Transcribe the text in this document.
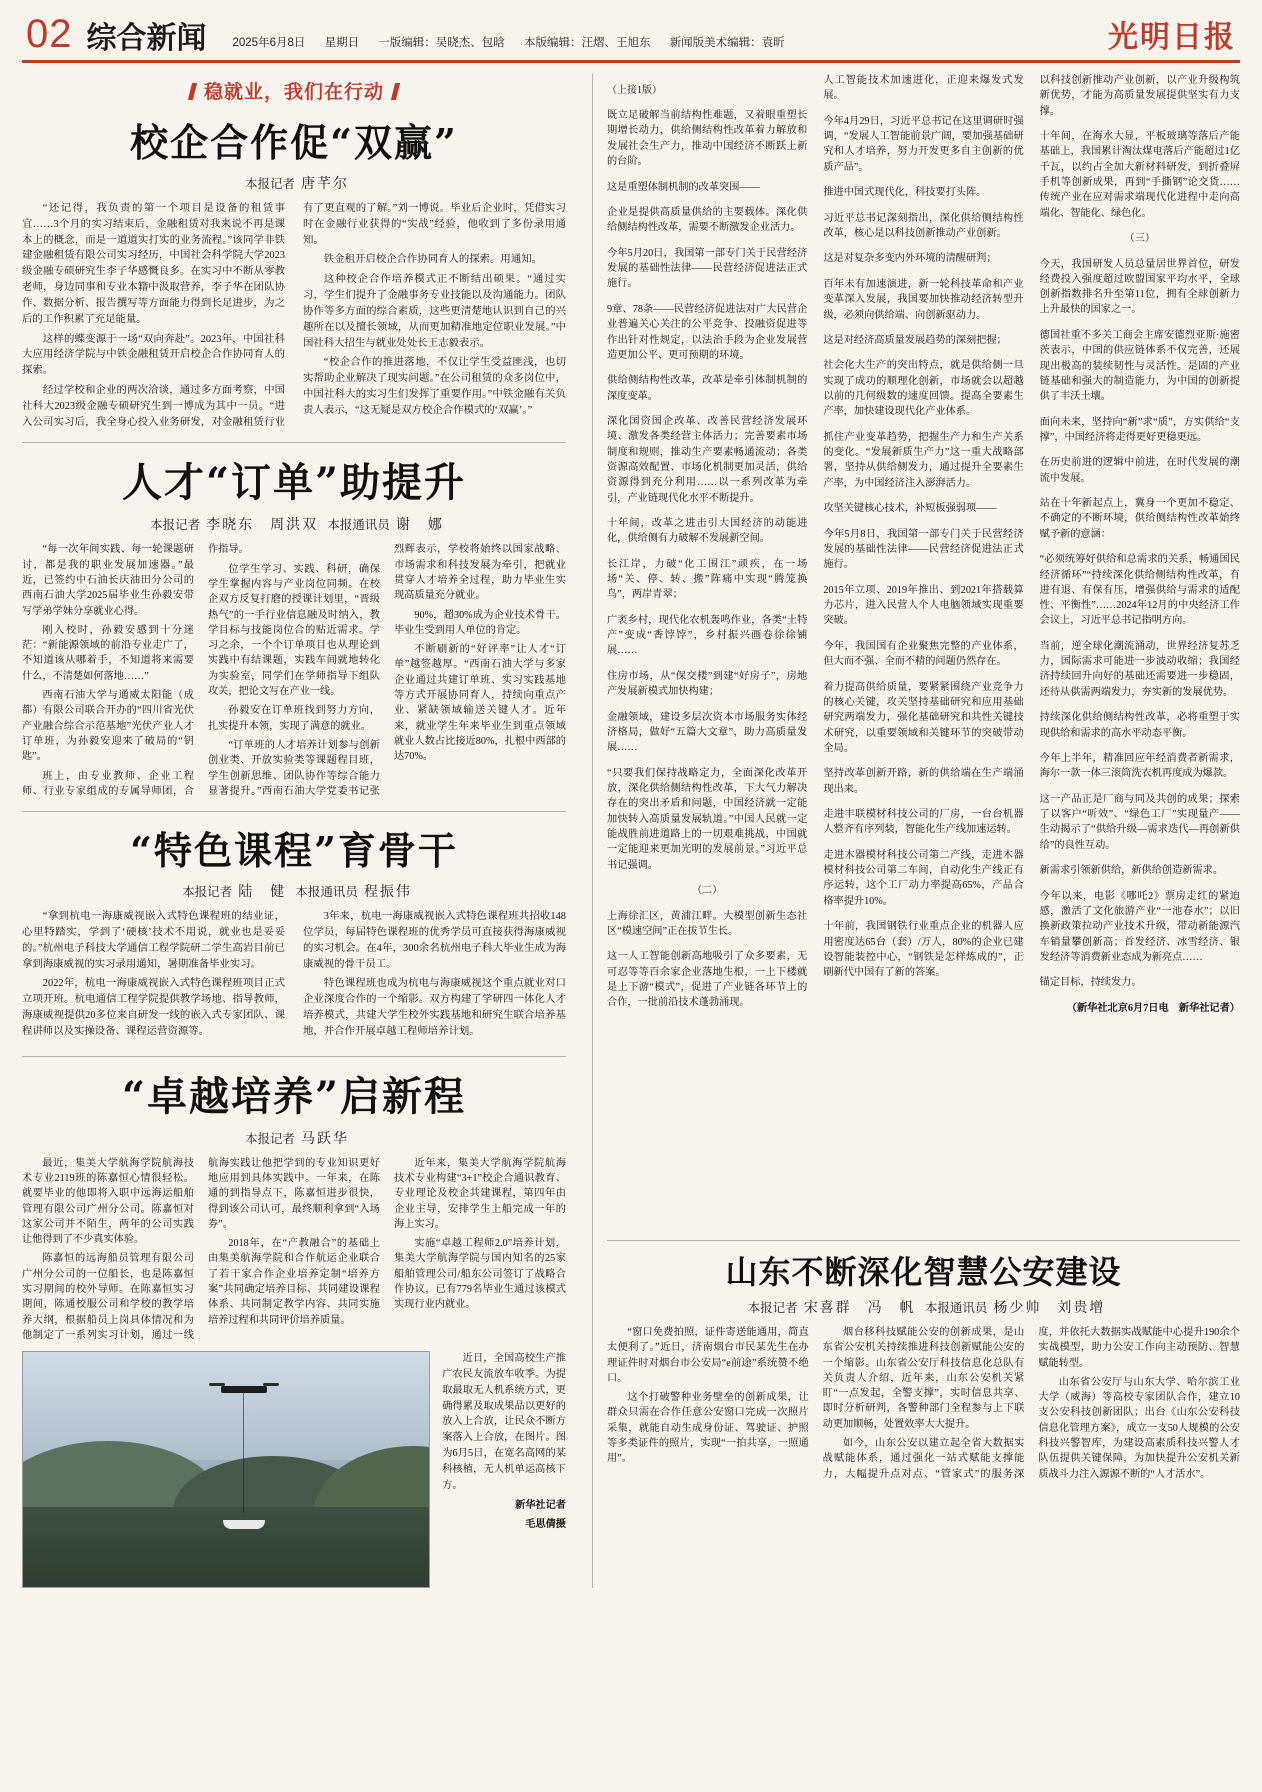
02 综合新闻 2025年6月8日 星期日 一版编辑：吴晓杰、包晗 本版编辑：汪熠、王旭东 新闻版美术编辑：袁昕	光明日报
稳就业，我们在行动
校企合作促“双赢”
本报记者 唐芊尔

“还记得，我负责的第一个项目是设备的租赁事宜……3个月的实习结束后，金融租赁对我来说不再是课本上的概念，而是一道道实打实的业务流程。”该同学非铁建金融租赁有限公司实习经历，中国社会科学院大学2023级金融专硕研究生李子华感慨良多。在实习中不断从零教老师，身边同事和专业本籍中汲取营养，李子华在团队协作、数据分析、报告撰写等方面能力得到长足进步，为之后的工作积累了充足能量。

这样的蝶变源于一场“双向奔赴”。2023年，中国社科大应用经济学院与中铁金融租赁开启校企合作协同育人的探索。

经过学校和企业的两次洽谈，通过多方面考察，中国社科大2023级金融专硕研究生到一博成为其中一员。“进入公司实习后，我全身心投入业务研发，对金融租赁行业有了更直观的了解。”刘一博说。毕业后企业时，凭借实习时在金融行业获得的“实战”经验，他收到了多份录用通知。

铁金租开启校企合作协同育人的探索。用通知。

这种校企合作培养模式正不断结出硕果。“通过实习，学生们提升了金融事务专业技能以及沟通能力。团队协作等多方面的综合素质，这些更清楚地认识到自己的兴趣所在以及擅长领域，从而更加精准地定位职业发展。”中国社科大招生与就业处处长王志毅表示。

“校企合作的推进落地，不仅让学生受益匪浅，也切实帮助企业解决了现实问题。”在公司租赁的众多岗位中，中国社科大的实习生们发挥了重要作用。”中铁金融有关负责人表示，“这无疑是双方校企合作模式的‘双赢’。”

人才“订单”助提升
本报记者 李晓东　周洪双 本报通讯员 谢　娜

“每一次年间实践、每一轮课题研讨，都是我的职业发展加速器。”最近，已签约中石油长庆油田分公司的西南石油大学2025届毕业生孙毅安带写学弟学妹分享就业心得。

刚入校时，孙毅安感到十分迷茫：“新能源领域的前沿专业走广了，不知道该从哪着手，不知道将来需要什么，不清楚如何落地……”

西南石油大学与通威太阳能（成都）有限公司联合开办的“四川省光伏产业融合综合示范基地”光伏产业人才订单班，为孙毅安迎来了破局的“钥匙”。

班上，由专业教师、企业工程师、行业专家组成的专属导师团，合作指导。

位学生学习、实践、科研，确保学生掌握内容与产业岗位同频。在校企双方反复打磨的授课计划里，“晋级热气”的一手行业信息融及时纳入，教学目标与技能岗位合的贴近需求。学习之余，一个个订单项目也从理论到实践中有结课题，实践车间就地转化为实验室，同学们在学师指导下组队攻关，把论文写在产业一线。

孙毅安在订单班找到努力方向，扎实提升本领，实现了满意的就业。

“订单班的人才培养计划参与创新创业类、开放实验类等课题程目班，学生创新思维、团队协作等综合能力显著提升。”西南石油大学党委书记张烈辉表示，学校将始终以国家战略、市场需求和科技发展为牵引，把就业贯穿人才培养全过程，助力毕业生实现高质量充分就业。

90%，超30%成为企业技术骨干。毕业生受到用人单位的肯定。

不断刷新的“好评率”让人才“订单”越签越厚。“西南石油大学与多家企业通过共建订单班、实习实践基地等方式开展协同育人，持续向重点产业、紧缺领域输送关键人才。近年来，就业学生年来毕业生到重点领域就业人数占比接近80%，扎根中西部的达70%。

“特色课程”育骨干
本报记者 陆　健 本报通讯员 程振伟

“拿到杭电一海康威视嵌入式特色课程班的结业证，心里特踏实，学到了‘硬核’技术不用说，就业也是妥妥的。”杭州电子科技大学通信工程学院研二学生高岩目前已拿到海康威视的实习录用通知，暑期准备毕业实习。

2022年，杭电一海康威视嵌入式特色课程班项目正式立项开班。杭电通信工程学院提供教学场地、指导教师，海康威视提供20多位来自研发一线的嵌入式专家团队、课程讲师以及实操设备、课程运营资源等。

3年来，杭电一海康威视嵌入式特色课程班共招收148位学员，每届特色课程班的优秀学员可直接获得海康威视的实习机会。在4年，300余名杭州电子科大毕业生成为海康威视的骨干员工。

特色课程班也成为杭电与海康威视这个重点就业对口企业深度合作的一个缩影。双方构建了学研四一体化人才培养模式，共建大学生校外实践基地和研究生联合培养基地，并合作开展卓越工程师培养计划。

“卓越培养”启新程
本报记者 马跃华

最近，集美大学航海学院航海技术专业2119班的陈嘉恒心情很轻松。就要毕业的他即将入职中远海运船舶管理有限公司广州分公司。陈嘉恒对这家公司并不陌生，两年的公司实践让他得到了不少真实体验。

陈嘉恒的远海船员管理有限公司广州分公司的一位船长，也是陈嘉恒实习期间的校外导师。在陈嘉恒实习期间，陈通校服公司和学校的教学培养大纲，根据船员上岗具体情况和为他制定了一系列实习计划，通过一线航海实践让他把学到的专业知识更好地应用到具体实践中。一年来，在陈通的到指导点下，陈嘉恒进步很快，得到该公司认可，最终顺利拿到“入场券”。

2018年，在“产教融合”的基础上由集美航海学院和合作航运企业联合了若干家合作企业培养定制“培养方案”共同确定培养目标、共同建设课程体系、共同制定教学内容、共同实施培养过程和共同评价培养质量。

近年来，集美大学航海学院航海技术专业构建“3+1”校企合通识教育、专业理论及校企共建课程，第四年由企业主导，安排学生上船完成一年的海上实习。

实施“卓越工程师2.0”培养计划，集美大学航海学院与国内知名的25家船舶管理公司/船东公司签订了战略合作协议，已有779名毕业生通过该模式实现行业内就业。

近日，全国高校生产推广农民友流放车收季。为提取最取无人机系统方式，更确得累及取成果品以更好的放入上合放，让民众不断方案落入上合放，在图片。图为6月5日，在宽名高网的某科核植，无人机单运高核下方。

新华社记者

毛思倩摄

（上接1版）

既立足破解当前结构性难题，又着眼重塑长期增长动力，供给侧结构性改革着力解放和发展社会生产力，推动中国经济不断跃上新的台阶。

这是重塑体制机制的改革突围——

企业是提供高质量供给的主要载体。深化供给侧结构性改革，需要不断激发企业活力。

今年5月20日，我国第一部专门关于民营经济发展的基础性法律——民营经济促进法正式施行。

9章、78条——民营经济促进法对广大民营企业普遍关心关注的公平竞争、投融资促进等作出针对性规定，以法治手段为企业发展营造更加公平、更可预期的环境。

供给侧结构性改革，改革是牵引体制机制的深度变革。

深化国资国企改革、改善民营经济发展环境、激发各类经营主体活力；完善要素市场制度和规则，推动生产要素畅通流动；各类资源高效配置、市场化机制更加灵活，供给资源得到充分利用……以一系列改革为牵引，产业链现代化水平不断提升。

十年间，改革之进击引大国经济的动能进化，供给侧有力破解不发展新空间。

长江岸，力破“化工围江”顽疾，在一场场“关、停、转、搬”阵痛中实现“腾笼换鸟”，两岸青翠；

广袤乡村，现代化农机轰鸣作业，各类“土特产”变成“香饽饽”，乡村振兴画卷徐徐铺展……

住房市场，从“保交楼”到建“好房子”，房地产发展新模式加快构建；

金融领域，建设多层次资本市场服务实体经济格局，做好“五篇大文章”，助力高质量发展……

“只要我们保持战略定力，全面深化改革开放，深化供给侧结构性改革，下大气力解决存在的突出矛盾和问题，中国经济就一定能加快转入高质量发展轨道。”中国人民就一定能战胜前进道路上的一切艰难挑战，中国就一定能迎来更加光明的发展前景。”习近平总书记强调。

（二）

上海徐汇区，黄浦江畔。大模型创新生态社区“模速空间”正在拔节生长。

这一人工智能创新高地吸引了众多要素，无可忍等等百余家企业落地生根，一上下楼就是上下游“模式”，促进了产业链各环节上的合作，一批前沿技术蓬勃涌现。

人工智能技术加速进化，正迎来爆发式发展。

今年4月29日，习近平总书记在这里调研时强调，“发展人工智能前景广阔，要加强基础研究和人才培养，努力开发更多自主创新的优质产品”。

推进中国式现代化，科技要打头阵。

习近平总书记深刻指出，深化供给侧结构性改革，核心是以科技创新推动产业创新。

这是对复杂多变内外环境的清醒研判；

百年未有加速演进，新一轮科技革命和产业变革深入发展，我国要加快推动经济转型升级，必须向供给端、向创新驱动力。

这是对经济高质量发展趋势的深刻把握；

社会化大生产的突出特点，就是供给侧一旦实现了成功的顺理化创新，市场就会以超越以前的几何级数的速度回馈。提高全要素生产率，加快建设现代化产业体系。

抓住产业变革趋势，把握生产力和生产关系的变化。“发展新质生产力”这一重大战略部署，坚持从供给侧发力，通过提升全要素生产率，为中国经济注入澎湃活力。

攻坚关键核心技术，补短板强弱项——

今年5月8日，我国第一部专门关于民营经济发展的基础性法律——民营经济促进法正式施行。

2015年立项、2019年推出、到2021年搭载算力芯片，进入民营人个人电脑领域实现重要突破。

今年，我国国有企业聚焦完整的产业体系，但大而不强、全而不精的问题仍然存在。

着力提高供给质量，要紧紧围绕产业竞争力的核心关键，攻关坚持基础研究和应用基础研究两端发力，强化基础研究和共性关键技术研究，以重要领域和关键环节的突破带动全局。

坚持改革创新开路，新的供给端在生产端涌现出来。

走进丰联模材科技公司的厂房，一台台机器人整齐有序列装，智能化生产线加速运转。

走进木器模材科技公司第二产线，走进木器模材科技公司第二车间，自动化生产线正有序运转，这个工厂动力率提高65%，产品合格率提升10%。

十年前，我国钢铁行业重点企业的机器人应用密度达65台（套）/万人，80%的企业已建设智能装控中心，“钢铁是怎样炼成的”，正刷新代中国有了新的答案。

以科技创新推动产业创新，以产业升级构筑新优势，才能为高质量发展提供坚实有力支撑。

十年间，在海水大显，平板玻璃等落后产能基础上，我国累计淘汰煤电落后产能超过1亿千瓦，以约占全加大新材料研发，到折叠屏手机等创新成果，再到“手撕钢”论交货……传统产业在应对需求端现代化进程中走向高端化、智能化、绿色化。

（三）

今天，我国研发人员总量居世界首位，研发经费投入强度超过欧盟国家平均水平，全球创新指数排名升至第11位，拥有全球创新力上升最快的国家之一。

德国社重不多关工商会主席安德烈亚斯·施密茨表示，中国的供应链体系不仅完善，还展现出极高的装续韧性与灵活性。是固的产业链基础和强大的制造能力，为中国的创新提供了丰沃土壤。

面向未来，坚持向“新”求“质”，方实供给“支撑”，中国经济将走得更好更稳更远。

在历史前进的逻辑中前进，在时代发展的潮流中发展。

站在十年新起点上，冀身一个更加不稳定、不确定的不断环境，供给侧结构性改革始终赋予新的意涵：

“必须统筹好供给和总需求的关系，畅通国民经济循环”“持续深化供给侧结构性改革，有进有退、有保有压，增强供给与需求的适配性、平衡性”……2024年12月的中央经济工作会议上，习近平总书记指明方向。

当前，逆全球化潮流涌动，世界经济复苏乏力，国际需求可能进一步波动收缩；我国经济持续回升向好的基础还需要进一步稳固，还待从供需两端发力，夯实新的发展优势。

持续深化供给侧结构性改革，必将重塑于实现供给和需求的高水平动态平衡。

今年上半年，精准回应年经消费者新需求，海尔一款一体三滚筒洗衣机再度成为爆款。

这一产品正是厂商与同及共创的成果；探索了以客户“听效”、“绿色工厂”实现量产——生动揭示了“供给升级—需求迭代—再创新供给”的良性互动。

新需求引领新供给，新供给创造新需求。

今年以来，电影《哪吒2》票房走红的紧迫感，激活了文化旅游产业“一池春水”；以旧换新政策拉动产业技术升级，带动新能源汽车销量攀创新高；首发经济、冰雪经济、银发经济等消费新业态成为新亮点……

锚定目标，持续发力。

（新华社北京6月7日电　新华社记者）

山东不断深化智慧公安建设
本报记者 宋喜群　冯　帆 本报通讯员 杨少帅　刘贵增

“窗口免费拍照，证件寄送能通用，简直太便利了。”近日，济南烟台市民某先生在办理证件时对烟台市公安局“e前途”系统赞不绝口。

这个打破警种业务壁垒的创新成果，让群众只需在合作任意公安窗口完成一次照片采集，就能自动生成身份证、驾驶证、护照等多类证件的照片，实现“一拍共享，一照通用”。

烟台移科技赋能公安的创新成果，是山东省公安机关持续推进科技创新赋能公安的一个缩影。山东省公安厅科技信息化总队有关负责人介绍，近年来，山东公安机关紧盯“一点发起，全警支撑”，实时信息共享、即时分析研判，各警种部门全程参与上下联动更加顺畅，处置效率大大提升。

如今，山东公安以建立起全省大数据实战赋能体系，通过强化一站式赋能支撑能力，大幅提升点对点、“管家式”的服务深度，并依托大数据实战赋能中心提升190余个实战模型，助力公安工作向主动预防、智慧赋能转型。

山东省公安厅与山东大学、哈尔滨工业大学（威海）等高校专家团队合作，建立10支公安科技创新团队；出台《山东公安科技信息化管理方案》，成立一支50人规模的公安科技兴警智库，为建设高素质科技兴警人才队伍提供关键保障，为加快提升公安机关新质战斗力注入源源不断的“人才活水”。
